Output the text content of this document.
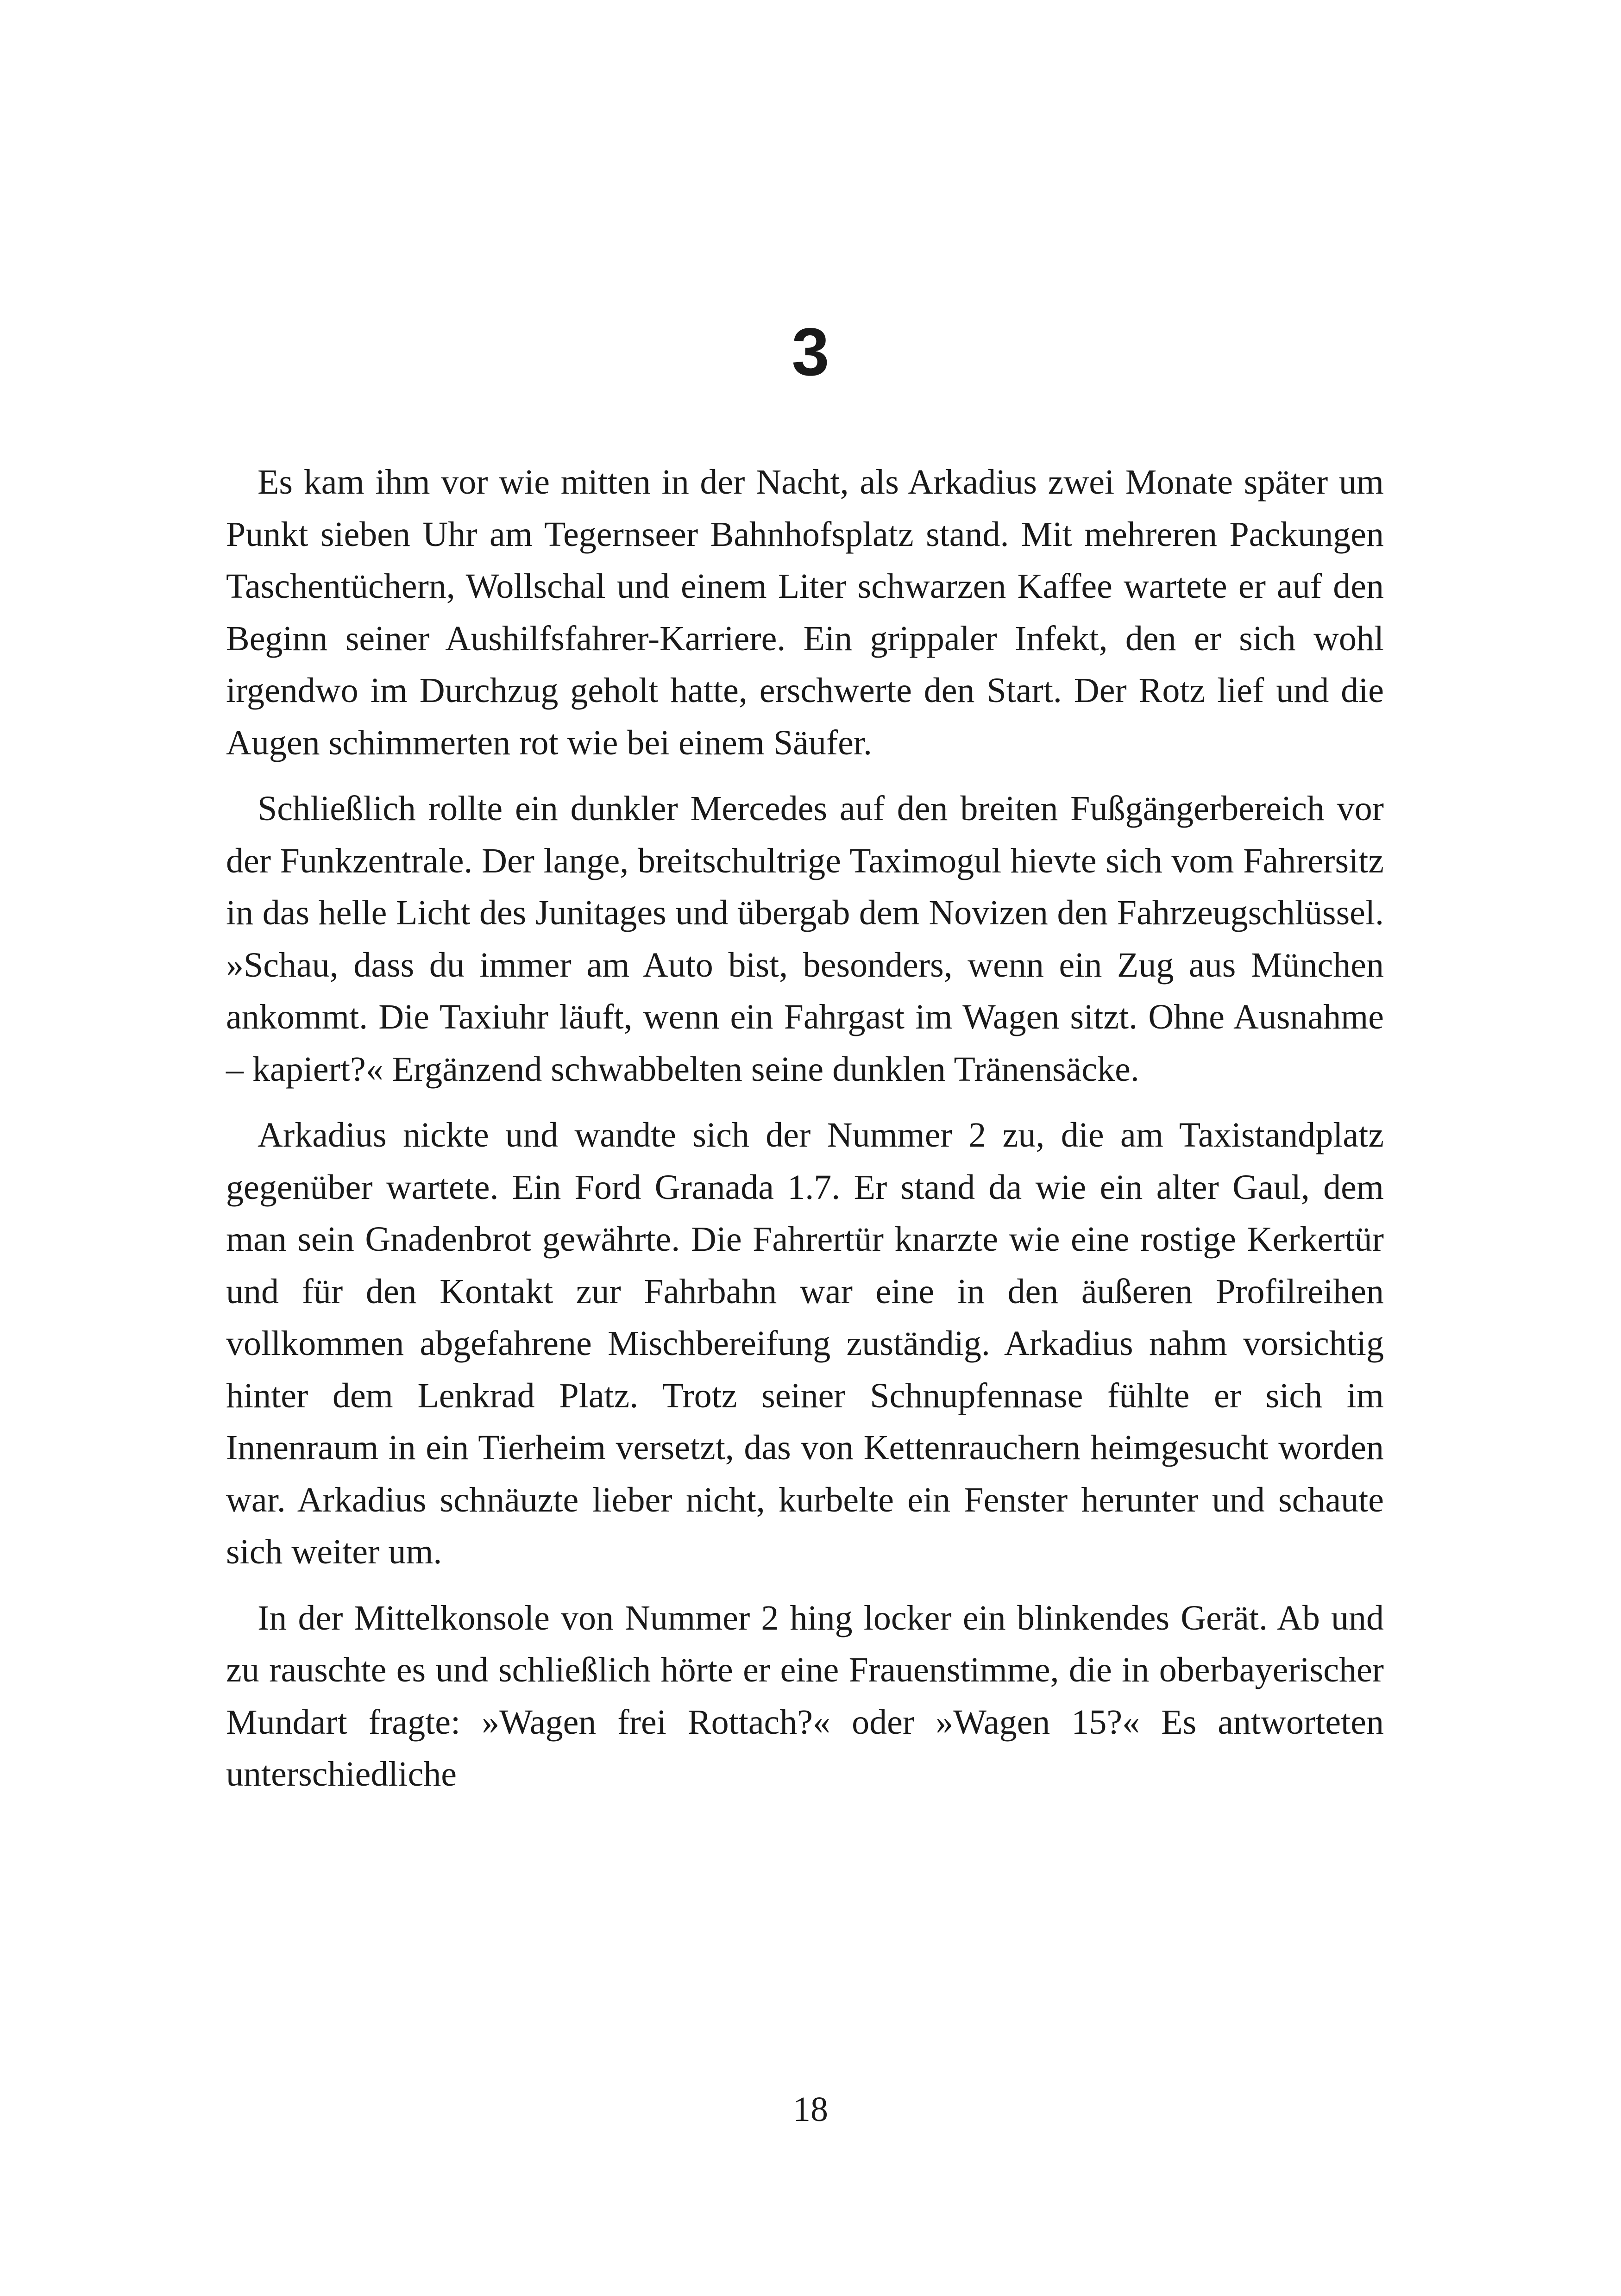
3

Es kam ihm vor wie mitten in der Nacht, als Arkadius zwei Monate später um Punkt sieben Uhr am Tegernseer Bahnhofsplatz stand. Mit mehreren Packungen Taschentüchern, Wollschal und einem Liter schwarzen Kaffee wartete er auf den Beginn seiner Aushilfsfahrer-Karriere. Ein grippaler Infekt, den er sich wohl irgendwo im Durchzug geholt hatte, erschwerte den Start. Der Rotz lief und die Augen schimmerten rot wie bei einem Säufer.

Schließlich rollte ein dunkler Mercedes auf den breiten Fußgängerbereich vor der Funkzentrale. Der lange, breitschultrige Taximogul hievte sich vom Fahrersitz in das helle Licht des Junitages und übergab dem Novizen den Fahrzeugschlüssel. »Schau, dass du immer am Auto bist, besonders, wenn ein Zug aus München ankommt. Die Taxiuhr läuft, wenn ein Fahrgast im Wagen sitzt. Ohne Ausnahme – kapiert?« Ergänzend schwabbelten seine dunklen Tränensäcke.

Arkadius nickte und wandte sich der Nummer 2 zu, die am Taxistandplatz gegenüber wartete. Ein Ford Granada 1.7. Er stand da wie ein alter Gaul, dem man sein Gnadenbrot gewährte. Die Fahrertür knarzte wie eine rostige Kerkertür und für den Kontakt zur Fahrbahn war eine in den äußeren Profilreihen vollkommen abgefahrene Mischbereifung zuständig. Arkadius nahm vorsichtig hinter dem Lenkrad Platz. Trotz seiner Schnupfennase fühlte er sich im Innenraum in ein Tierheim versetzt, das von Kettenrauchern heimgesucht worden war. Arkadius schnäuzte lieber nicht, kurbelte ein Fenster herunter und schaute sich weiter um.

In der Mittelkonsole von Nummer 2 hing locker ein blinkendes Gerät. Ab und zu rauschte es und schließlich hörte er eine Frauenstimme, die in oberbayerischer Mundart fragte: »Wagen frei Rottach?« oder »Wagen 15?« Es antworteten unterschiedliche

18
